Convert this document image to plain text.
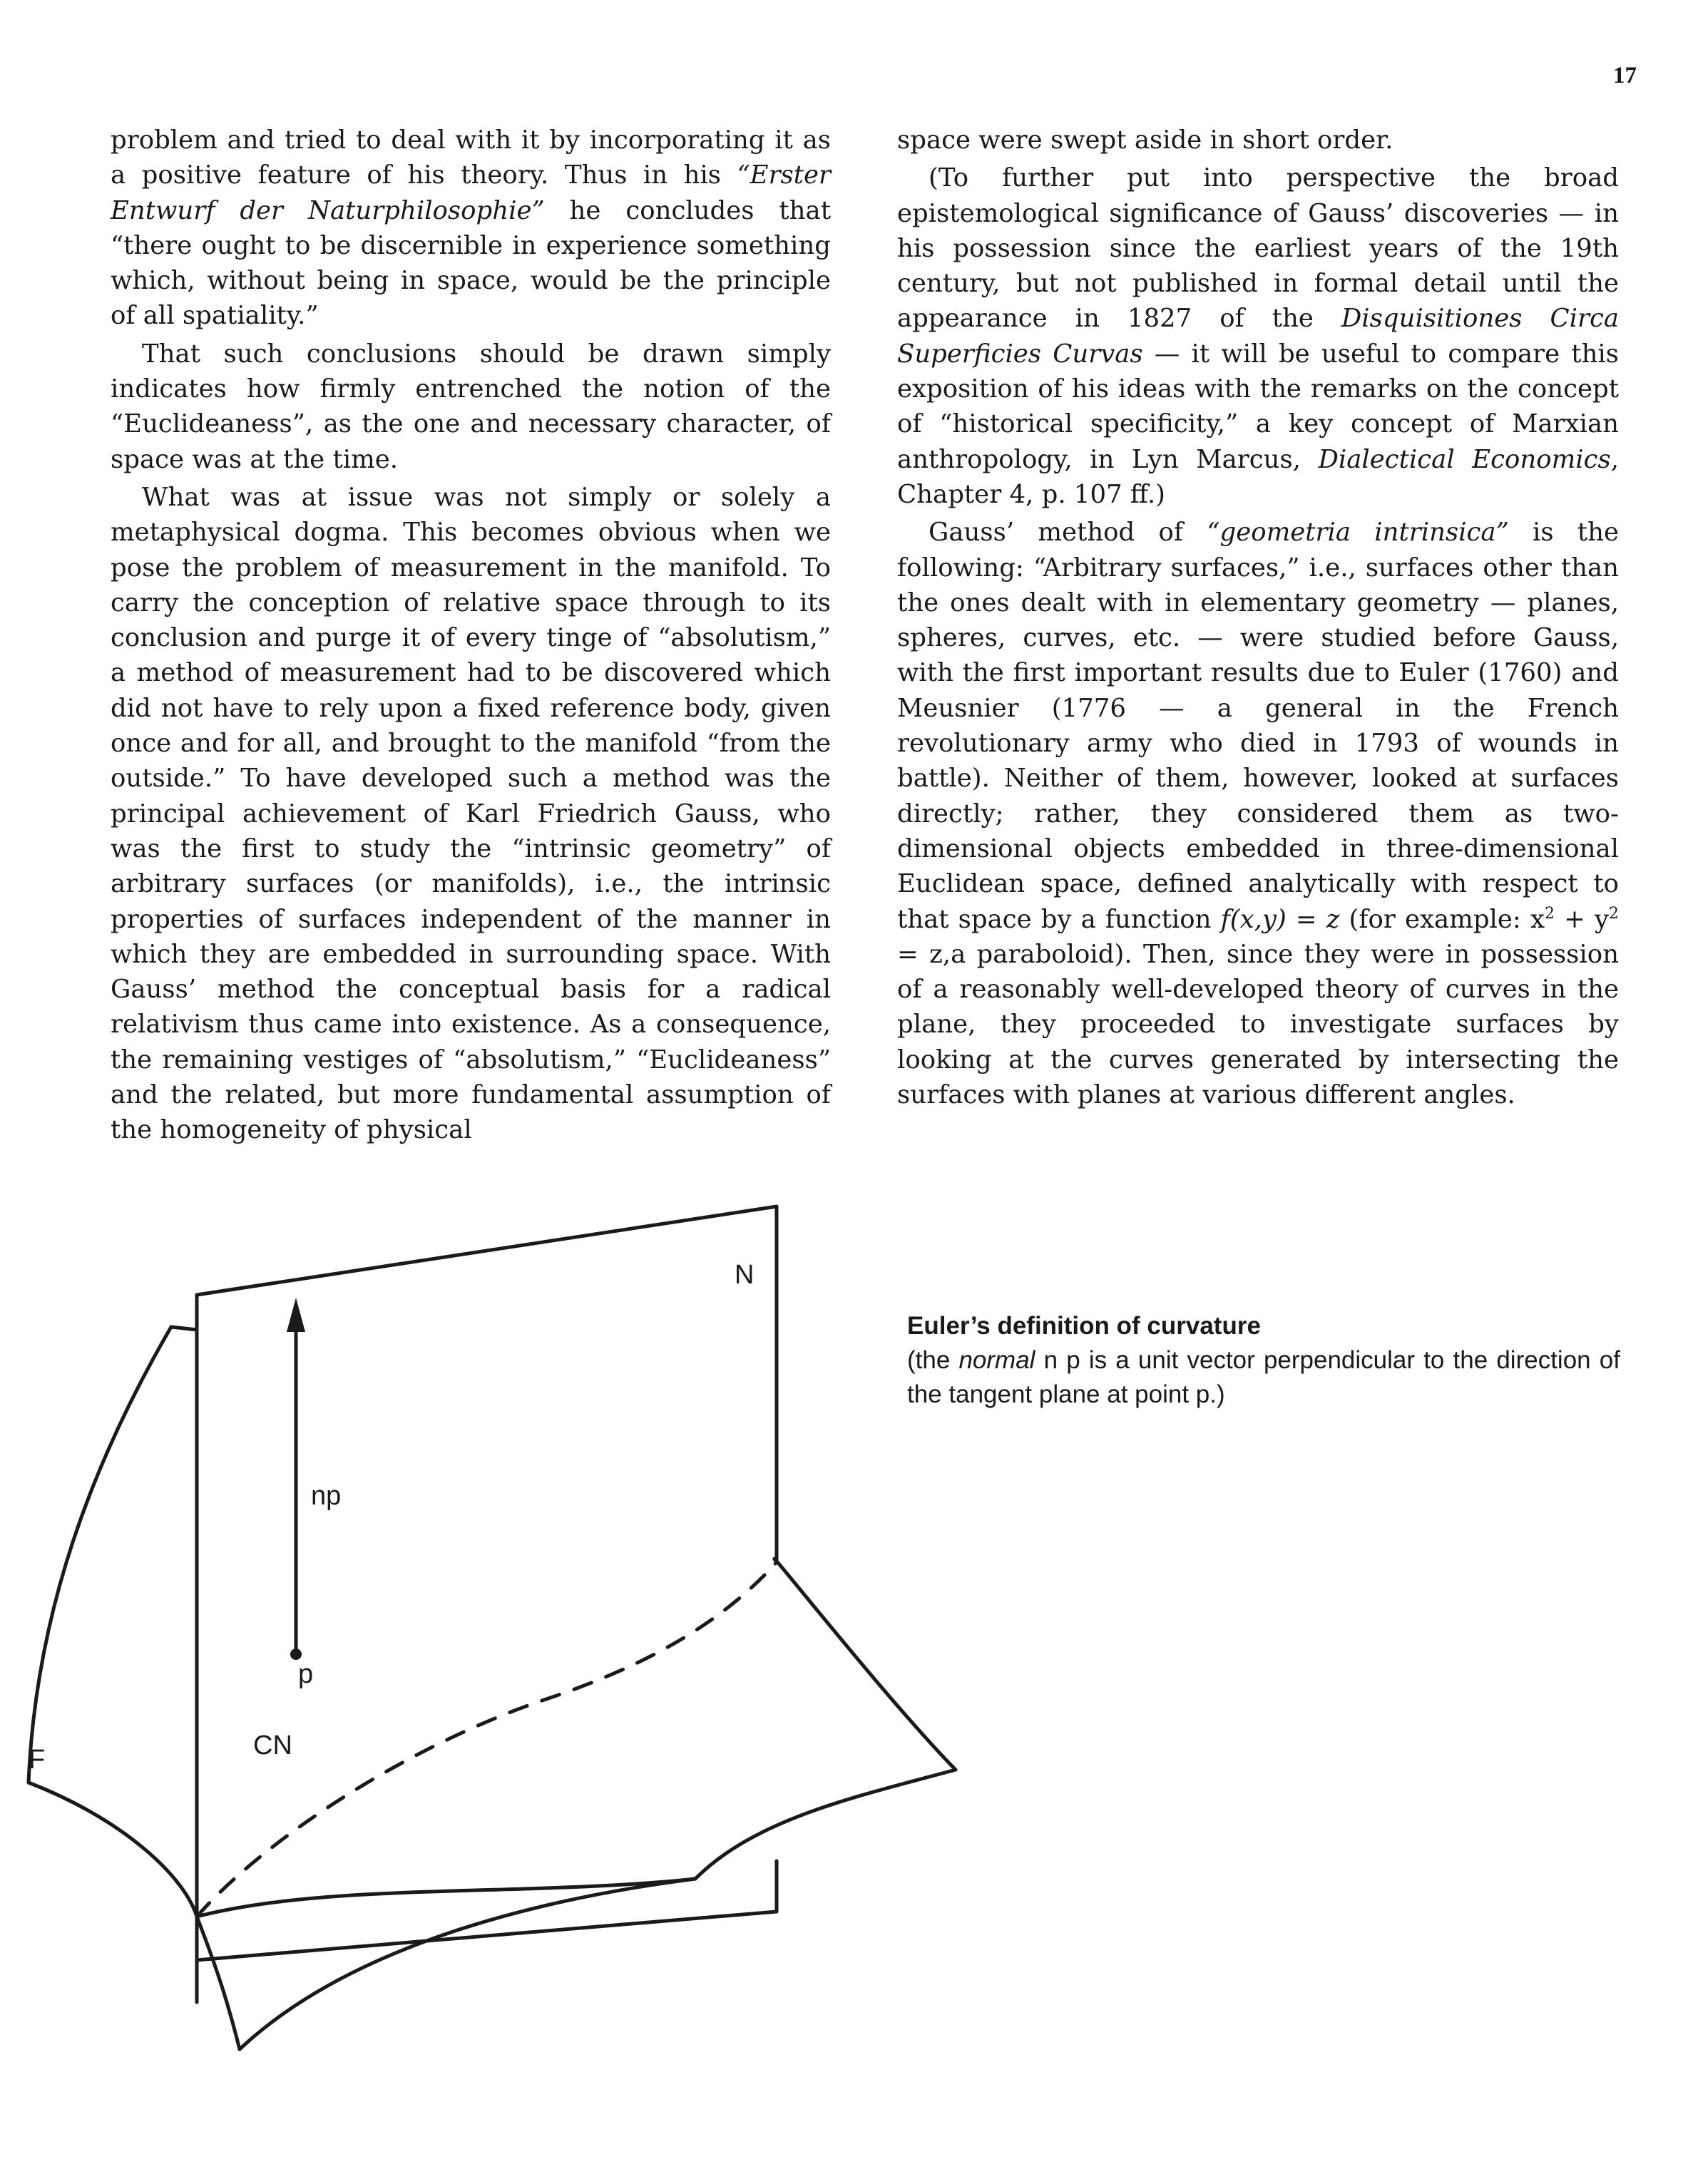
17

problem and tried to deal with it by incorporating it as a positive feature of his theory. Thus in his “Erster Entwurf der Naturphilosophie” he concludes that “there ought to be discernible in experience something which, without being in space, would be the principle of all spatiality.”

That such conclusions should be drawn simply indicates how firmly entrenched the notion of the “Euclideaness”, as the one and necessary character, of space was at the time.

What was at issue was not simply or solely a metaphysical dogma. This becomes obvious when we pose the problem of measurement in the manifold. To carry the conception of relative space through to its conclusion and purge it of every tinge of “absolutism,” a method of measurement had to be discovered which did not have to rely upon a fixed reference body, given once and for all, and brought to the manifold “from the outside.” To have developed such a method was the principal achievement of Karl Friedrich Gauss, who was the first to study the “intrinsic geometry” of arbitrary surfaces (or manifolds), i.e., the intrinsic properties of surfaces independent of the manner in which they are embedded in surrounding space. With Gauss’ method the conceptual basis for a radical relativism thus came into existence. As a consequence, the remaining vestiges of “absolutism,” “Euclideaness” and the related, but more fundamental assumption of the homogeneity of physical

space were swept aside in short order.

(To further put into perspective the broad epistemological significance of Gauss’ discoveries — in his possession since the earliest years of the 19th century, but not published in formal detail until the appearance in 1827 of the Disquisitiones Circa Superficies Curvas — it will be useful to compare this exposition of his ideas with the remarks on the concept of “historical specificity,” a key concept of Marxian anthropology, in Lyn Marcus, Dialectical Economics, Chapter 4, p. 107 ff.)

Gauss’ method of “geometria intrinsica” is the following: “Arbitrary surfaces,” i.e., surfaces other than the ones dealt with in elementary geometry — planes, spheres, curves, etc. — were studied before Gauss, with the first important results due to Euler (1760) and Meusnier (1776 — a general in the French revolutionary army who died in 1793 of wounds in battle). Neither of them, however, looked at surfaces directly; rather, they considered them as two-dimensional objects embedded in three-dimensional Euclidean space, defined analytically with respect to that space by a function f(x,y) = z (for example: $x^2 + y^2 = z,a$ paraboloid). Then, since they were in possession of a reasonably well-developed theory of curves in the plane, they proceeded to investigate surfaces by looking at the curves generated by intersecting the surfaces with planes at various different angles.

N
np
F
p
CN
Euler’s definition of curvature
(the normal n p is a unit vector perpendicular to the direction of the tangent plane at point p.)
